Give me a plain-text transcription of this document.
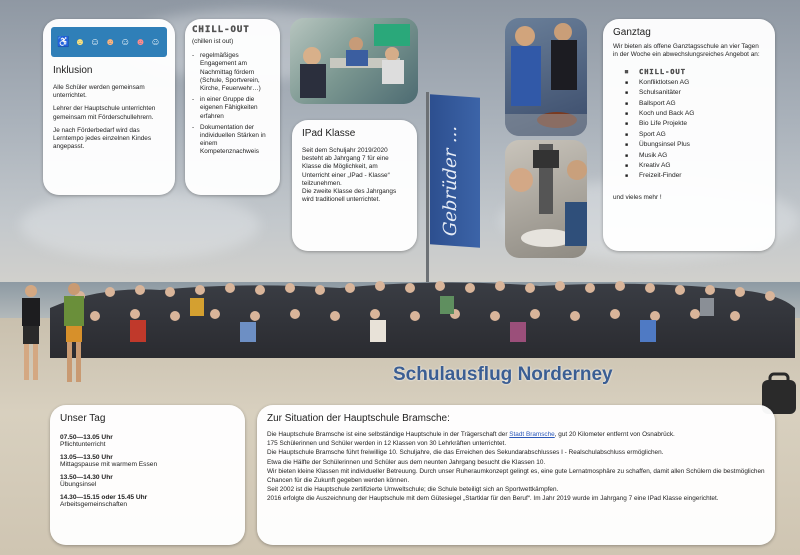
Gebrüder ...
♿ ☻ ☺ ☻ ☺ ☻ ☺
Inklusion

Alle Schüler werden gemeinsam unterrichtet.

Lehrer der Hauptschule unterrichten gemeinsam mit Förderschullehrern.

Je nach Förderbedarf wird das Lerntempo jedes einzelnen Kindes angepasst.

CHILL-OUT

(chillen ist out)

- regelmäßiges Engagement am Nachmittag fördern (Schule, Sportverein, Kirche, Feuerwehr…)
- in einer Gruppe die eigenen Fähigkeiten erfahren
- Dokumentation der individuellen Stärken in einem Kompetenznachweis
IPad Klasse

Seit dem Schuljahr 2019/2020 besteht ab Jahrgang 7 für eine Klasse die Möglichkeit, am Unterricht einer „IPad - Klasse“ teilzunehmen.

Die zweite Klasse des Jahrgangs wird traditionell unterrichtet.

Ganztag

Wir bieten als offene Ganztagsschule an vier Tagen in der Woche ein abwechslungsreiches Angebot an:

■ CHILL-OUT
■ Konfliktlotsen AG
■ Schulsanitäter
■ Ballsport AG
■ Koch und Back AG
■ Bio Life Projekte
■ Sport AG
■ Übungsinsel Plus
■ Musik AG
■ Kreativ AG
■ Freizeit-Finder

und vieles mehr !

Schulausflug Norderney
Unser Tag
07.50—13.05 Uhr
Pflichtunterricht
13.05—13.50 Uhr
Mittagspause mit warmem Essen
13.50—14.30 Uhr
Übungsinsel
14.30—15.15 oder 15.45 Uhr
Arbeitsgemeinschaften
Zur Situation der Hauptschule Bramsche:

Die Hauptschule Bramsche ist eine selbständige Hauptschule in der Trägerschaft der Stadt Bramsche, gut 20 Kilometer entfernt von Osnabrück.

175 Schülerinnen und Schüler werden in 12 Klassen von 30 Lehrkräften unterrichtet.

Die Hauptschule Bramsche führt freiwillige 10. Schuljahre, die das Erreichen des Sekundarabschlusses I - Realschulabschluss ermöglichen.

Etwa die Hälfte der Schülerinnen und Schüler aus dem neunten Jahrgang besucht die Klassen 10.

Wir bieten kleine Klassen mit individueller Betreuung. Durch unser Ruheraumkonzept gelingt es, eine gute Lernatmosphäre zu schaffen, damit allen Schülern die bestmöglichen Chancen für die Zukunft gegeben werden können.

Seit 2002 ist die Hauptschule zertifizierte Umweltschule; die Schule beteiligt sich an Sportwettkämpfen.

2016 erfolgte die Auszeichnung der Hauptschule mit dem Gütesiegel „Startklar für den Beruf“. Im Jahr 2019 wurde im Jahrgang 7 eine IPad Klasse eingerichtet.
